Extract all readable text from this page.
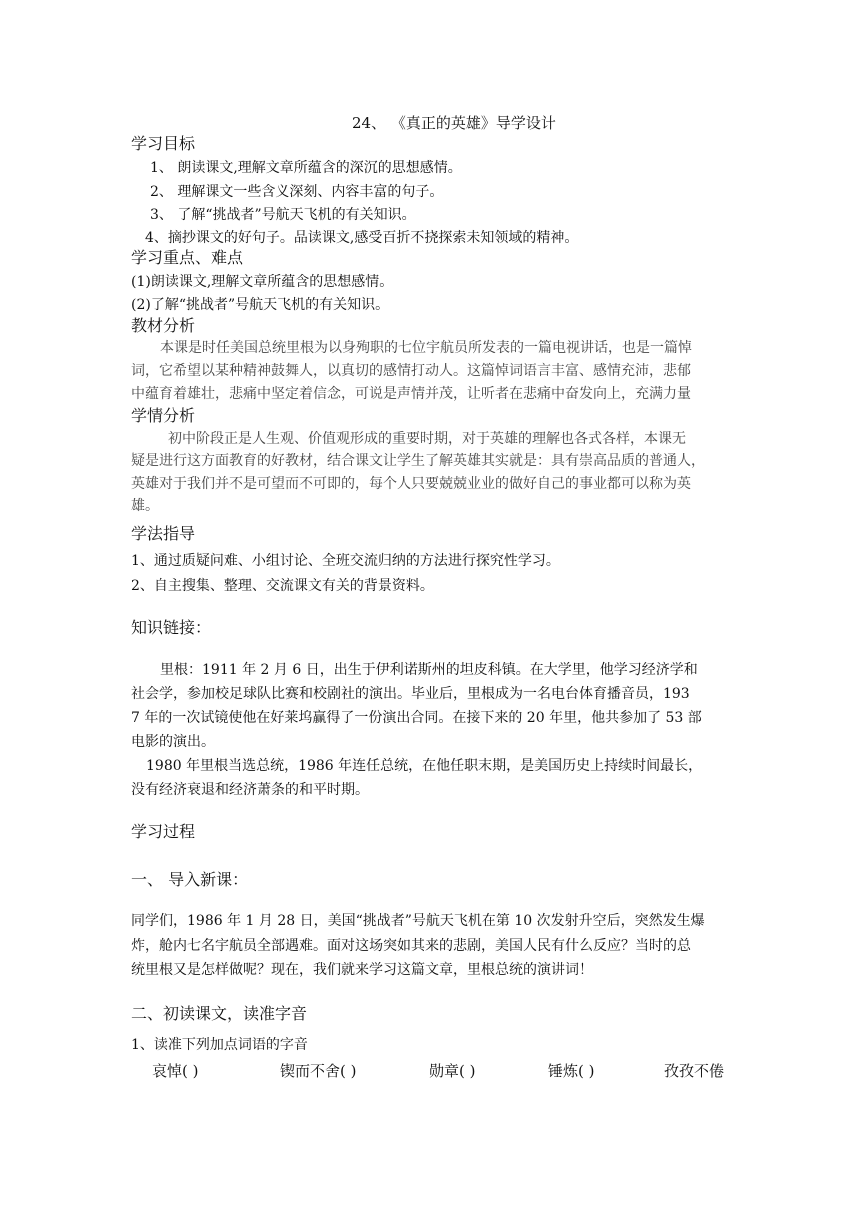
24、 《真正的英雄》导学设计
学习目标
1、 朗读课文,理解文章所蕴含的深沉的思想感情。
2、 理解课文一些含义深刻、内容丰富的句子。
3、 了解“挑战者”号航天飞机的有关知识。
4、摘抄课文的好句子。品读课文,感受百折不挠探索未知领域的精神。
学习重点、难点
(1)朗读课文,理解文章所蕴含的思想感情。
(2)了解“挑战者”号航天飞机的有关知识。
教材分析
本课是时任美国总统里根为以身殉职的七位宇航员所发表的一篇电视讲话，也是一篇悼
词，它希望以某种精神鼓舞人，以真切的感情打动人。这篇悼词语言丰富、感情充沛，悲郁
中蕴育着雄壮，悲痛中坚定着信念，可说是声情并茂，让听者在悲痛中奋发向上，充满力量
学情分析
初中阶段正是人生观、价值观形成的重要时期，对于英雄的理解也各式各样，本课无
疑是进行这方面教育的好教材，结合课文让学生了解英雄其实就是：具有崇高品质的普通人，
英雄对于我们并不是可望而不可即的，每个人只要兢兢业业的做好自己的事业都可以称为英
雄。
学法指导
1、通过质疑问难、小组讨论、全班交流归纳的方法进行探究性学习。
2、自主搜集、整理、交流课文有关的背景资料。
知识链接：
里根：1911 年 2 月 6 日，出生于伊利诺斯州的坦皮科镇。在大学里，他学习经济学和
社会学，参加校足球队比赛和校剧社的演出。毕业后，里根成为一名电台体育播音员，193
7 年的一次试镜使他在好莱坞赢得了一份演出合同。在接下来的 20 年里，他共参加了 53 部
电影的演出。
1980 年里根当选总统，1986 年连任总统，在他任职末期，是美国历史上持续时间最长，
没有经济衰退和经济萧条的和平时期。
学习过程
一、 导入新课：
同学们，1986 年 1 月 28 日，美国“挑战者”号航天飞机在第 10 次发射升空后，突然发生爆
炸，舱内七名宇航员全部遇难。面对这场突如其来的悲剧，美国人民有什么反应？当时的总
统里根又是怎样做呢？现在，我们就来学习这篇文章，里根总统的演讲词！
二、初读课文，读准字音
1、读准下列加点词语的字音
哀悼( )	锲而不舍( )	勋章( )	锤炼( )	孜孜不倦
